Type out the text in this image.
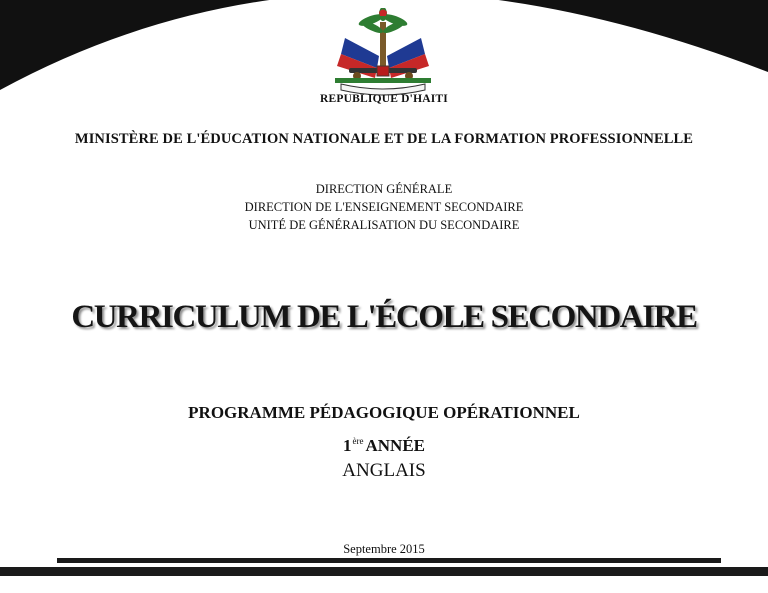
REPUBLIQUE D'HAITI
MINISTÈRE DE L'ÉDUCATION NATIONALE ET DE LA FORMATION PROFESSIONNELLE
DIRECTION GÉNÉRALE
DIRECTION DE L'ENSEIGNEMENT SECONDAIRE
UNITÉ DE GÉNÉRALISATION DU SECONDAIRE
CURRICULUM DE L'ÉCOLE SECONDAIRE
PROGRAMME PÉDAGOGIQUE OPÉRATIONNEL
1ère ANNÉE
ANGLAIS
Septembre 2015
